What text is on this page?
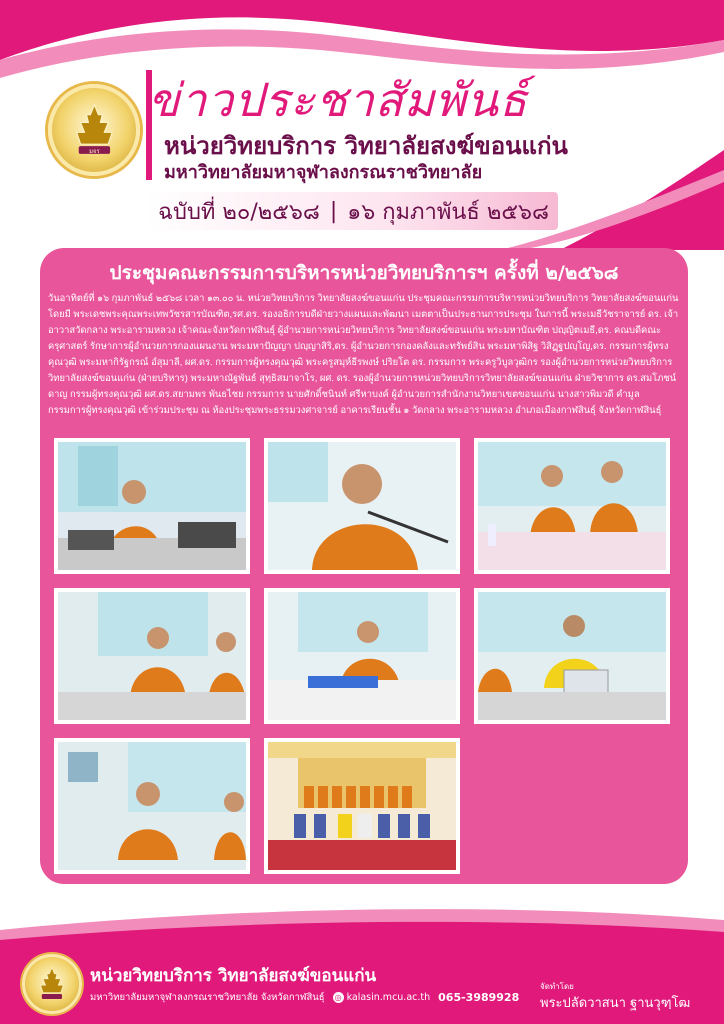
มจร
ข่าวประชาสัมพันธ์
หน่วยวิทยบริการ วิทยาลัยสงฆ์ขอนแก่น
มหาวิทยาลัยมหาจุฬาลงกรณราชวิทยาลัย
ฉบับที่ ๒๐/๒๕๖๘ | ๑๖ กุมภาพันธ์ ๒๕๖๘
ประชุมคณะกรรมการบริหารหน่วยวิทยบริการฯ ครั้งที่ ๒/๒๕๖๘
วันอาทิตย์ที่ ๑๖ กุมภาพันธ์ ๒๕๖๘ เวลา ๑๓.๐๐ น. หน่วยวิทยบริการ วิทยาลัยสงฆ์ขอนแก่น ประชุมคณะกรรมการบริหารหน่วยวิทยบริการ วิทยาลัยสงฆ์ขอนแก่น โดยมี พระเดชพระคุณพระเทพวัชรสารบัณฑิต,รศ.ดร. รองอธิการบดีฝ่ายวางแผนและพัฒนา เมตตาเป็นประธานการประชุม ในการนี้ พระเมธีวัชราจารย์ ดร. เจ้าอาวาสวัดกลาง พระอารามหลวง เจ้าคณะจังหวัดกาฬสินธุ์ ผู้อำนวยการหน่วยวิทยบริการ วิทยาลัยสงฆ์ขอนแก่น พระมหาบัณฑิต ปญฺญิตเมธี,ดร. คณบดีคณะครุศาสตร์ รักษาการผู้อำนวยการกองแผนงาน พระมหาปัญญา ปญฺญาสิริ,ดร. ผู้อำนวยการกองคลังและทรัพย์สิน พระมหาพิสิฐ วิสิฏฺฐปญฺโญ,ดร. กรรมการผู้ทรงคุณวุฒิ พระมหากิรัฐกรณ์ อํสุมาลี, ผศ.ดร. กรรมการผู้ทรงคุณวุฒิ พระครูสมุห์ธีรพงษ์ ปริยโต ดร. กรรมการ พระครูวิบูลวุฒิกร รองผู้อำนวยการหน่วยวิทยบริการ วิทยาลัยสงฆ์ขอนแก่น (ฝ่ายบริหาร) พระมหาณัฐพันธ์ สุทฺธิสมาจาโร, ผศ. ดร. รองผู้อำนวยการหน่วยวิทยบริการวิทยาลัยสงฆ์ขอนแก่น ฝ่ายวิชาการ ดร.สมโภชน์ ดาญ กรรมผู้ทรงคุณวุฒิ ผศ.ดร.สยามพร พันธไชย กรรมการ นายศักดิ์ชนินท์ ศรีหาบงค์ ผู้อำนวยการสำนักงานวิทยาเขตขอนแก่น นางสาวพิมวดี คำมูล กรรมการผู้ทรงคุณวุฒิ เข้าร่วมประชุม ณ ห้องประชุมพระธรรมวงศาจารย์ อาคารเรียนชั้น ๑ วัดกลาง พระอารามหลวง อำเภอเมืองกาฬสินธุ์ จังหวัดกาฬสินธุ์
หน่วยวิทยบริการ วิทยาลัยสงฆ์ขอนแก่น
มหาวิทยาลัยมหาจุฬาลงกรณราชวิทยาลัย จังหวัดกาฬสินธุ์ ◎ kalasin.mcu.ac.th 065-3989928
จัดทำโดย
พระปลัดวาสนา ฐานวุฑฺโฒ
